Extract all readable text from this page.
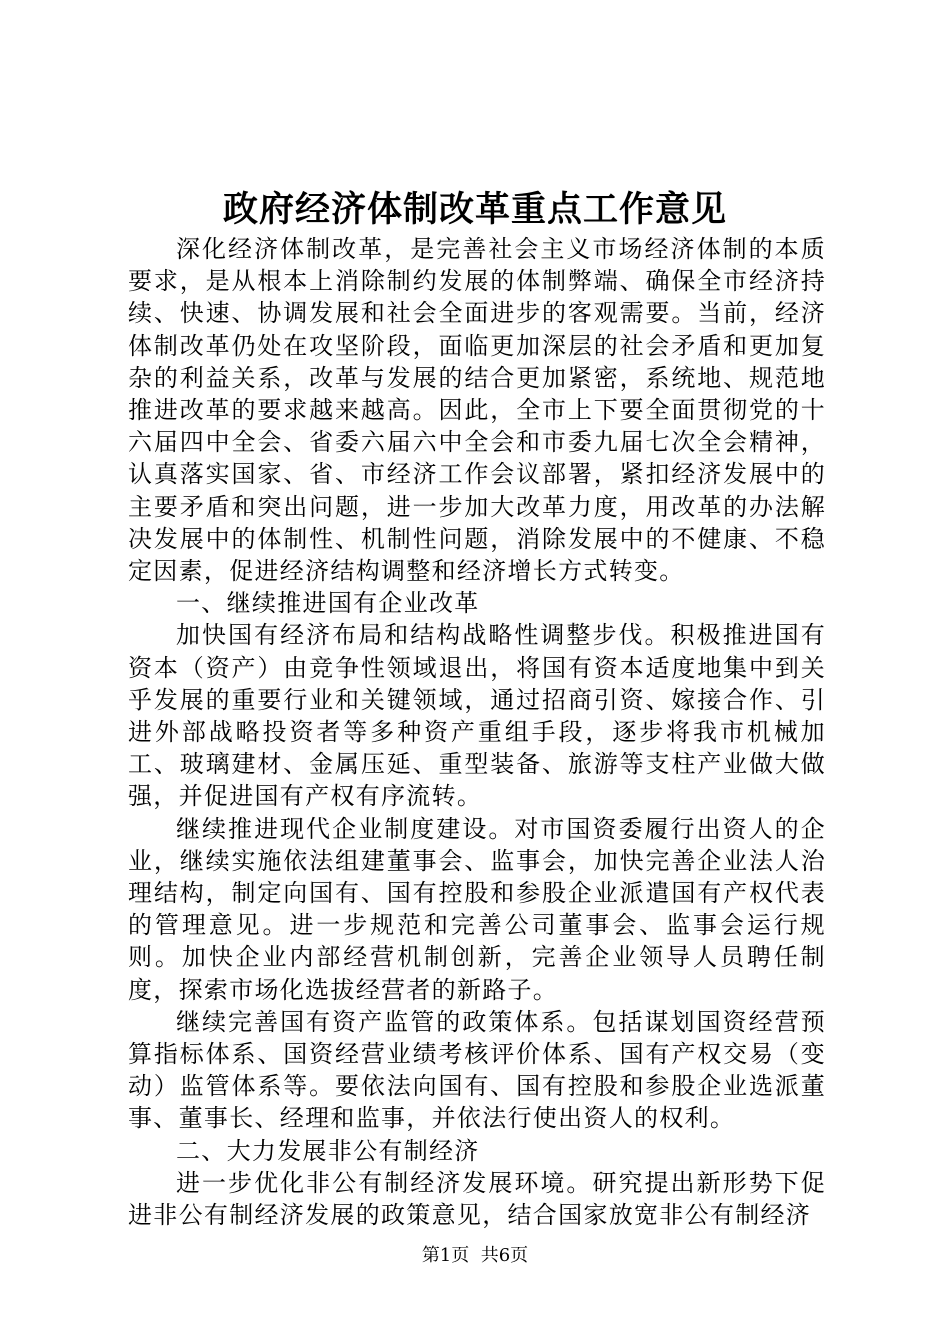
政府经济体制改革重点工作意见

深化经济体制改革，是完善社会主义市场经济体制的本质要求，是从根本上消除制约发展的体制弊端、确保全市经济持续、快速、协调发展和社会全面进步的客观需要。当前，经济体制改革仍处在攻坚阶段，面临更加深层的社会矛盾和更加复杂的利益关系，改革与发展的结合更加紧密，系统地、规范地推进改革的要求越来越高。因此，全市上下要全面贯彻党的十六届四中全会、省委六届六中全会和市委九届七次全会精神，认真落实国家、省、市经济工作会议部署，紧扣经济发展中的主要矛盾和突出问题，进一步加大改革力度，用改革的办法解决发展中的体制性、机制性问题，消除发展中的不健康、不稳定因素，促进经济结构调整和经济增长方式转变。

一、继续推进国有企业改革

加快国有经济布局和结构战略性调整步伐。积极推进国有资本（资产）由竞争性领域退出，将国有资本适度地集中到关乎发展的重要行业和关键领域，通过招商引资、嫁接合作、引进外部战略投资者等多种资产重组手段，逐步将我市机械加工、玻璃建材、金属压延、重型装备、旅游等支柱产业做大做强，并促进国有产权有序流转。

继续推进现代企业制度建设。对市国资委履行出资人的企业，继续实施依法组建董事会、监事会，加快完善企业法人治理结构，制定向国有、国有控股和参股企业派遣国有产权代表的管理意见。进一步规范和完善公司董事会、监事会运行规则。加快企业内部经营机制创新，完善企业领导人员聘任制度，探索市场化选拔经营者的新路子。

继续完善国有资产监管的政策体系。包括谋划国资经营预算指标体系、国资经营业绩考核评价体系、国有产权交易（变动）监管体系等。要依法向国有、国有控股和参股企业选派董事、董事长、经理和监事，并依法行使出资人的权利。

二、大力发展非公有制经济

进一步优化非公有制经济发展环境。研究提出新形势下促进非公有制经济发展的政策意见，结合国家放宽非公有制经济

第1页 共6页
